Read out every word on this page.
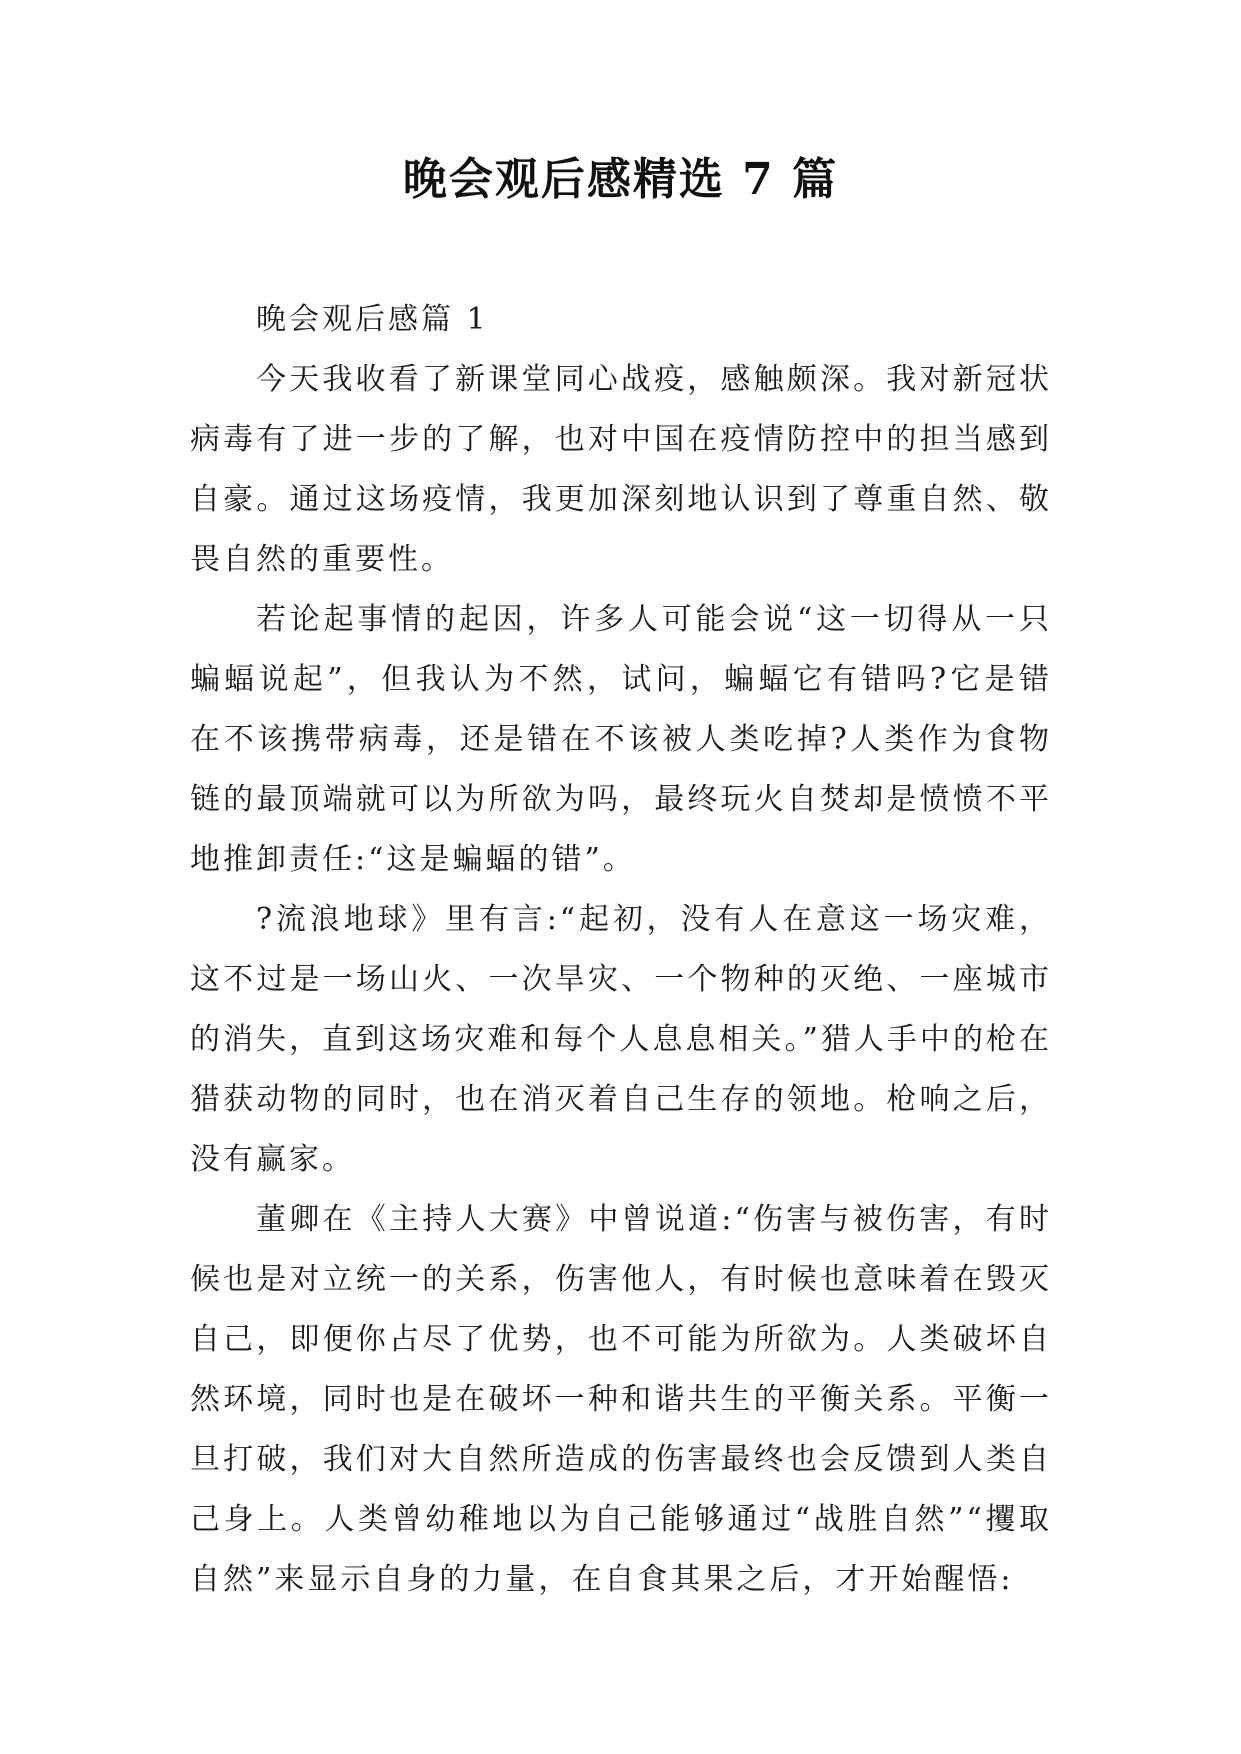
晚会观后感精选 7 篇

晚会观后感篇 1

今天我收看了新课堂同心战疫，感触颇深。我对新冠状病毒有了进一步的了解，也对中国在疫情防控中的担当感到自豪。通过这场疫情，我更加深刻地认识到了尊重自然、敬畏自然的重要性。

若论起事情的起因，许多人可能会说“这一切得从一只蝙蝠说起”，但我认为不然，试问，蝙蝠它有错吗?它是错在不该携带病毒，还是错在不该被人类吃掉?人类作为食物链的最顶端就可以为所欲为吗，最终玩火自焚却是愤愤不平地推卸责任:“这是蝙蝠的错”。

?流浪地球》里有言:“起初，没有人在意这一场灾难，这不过是一场山火、一次旱灾、一个物种的灭绝、一座城市的消失，直到这场灾难和每个人息息相关。”猎人手中的枪在猎获动物的同时，也在消灭着自己生存的领地。枪响之后，没有赢家。

董卿在《主持人大赛》中曾说道:“伤害与被伤害，有时候也是对立统一的关系，伤害他人，有时候也意味着在毁灭自己，即便你占尽了优势，也不可能为所欲为。人类破坏自然环境，同时也是在破坏一种和谐共生的平衡关系。平衡一旦打破，我们对大自然所造成的伤害最终也会反馈到人类自己身上。人类曾幼稚地以为自己能够通过“战胜自然”“攫取自然”来显示自身的力量，在自食其果之后，才开始醒悟:
